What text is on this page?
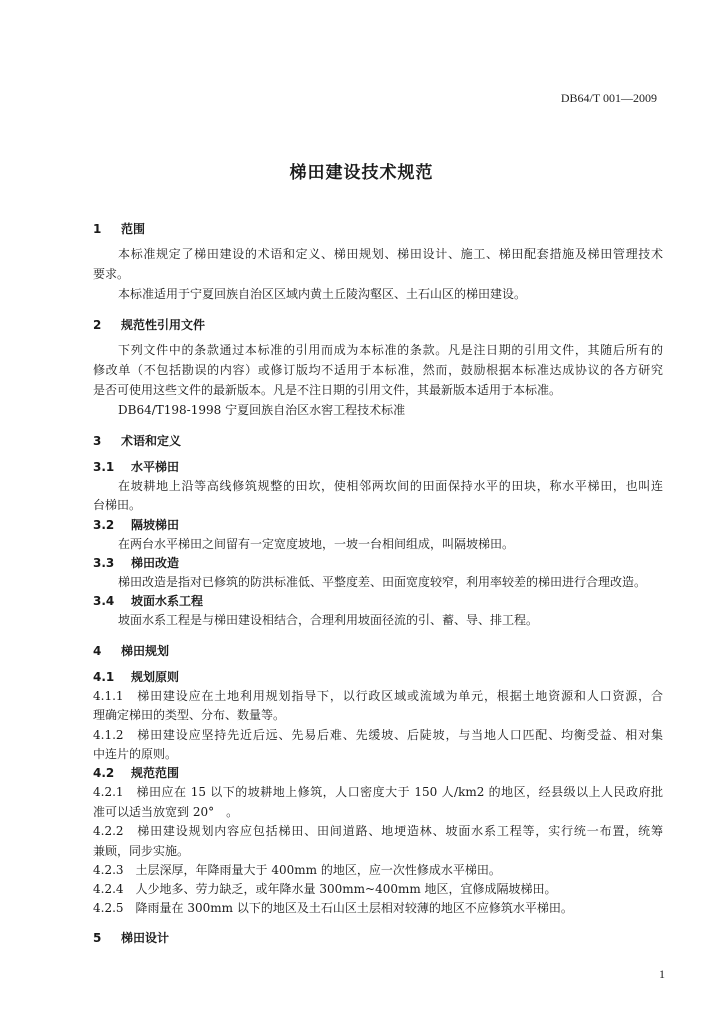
DB64/T 001—2009
梯田建设技术规范
1 范围
本标准规定了梯田建设的术语和定义、梯田规划、梯田设计、施工、梯田配套措施及梯田管理技术
要求。
本标准适用于宁夏回族自治区区域内黄土丘陵沟壑区、土石山区的梯田建设。
2 规范性引用文件
下列文件中的条款通过本标准的引用而成为本标准的条款。凡是注日期的引用文件，其随后所有的
修改单（不包括勘误的内容）或修订版均不适用于本标准，然而，鼓励根据本标准达成协议的各方研究
是否可使用这些文件的最新版本。凡是不注日期的引用文件，其最新版本适用于本标准。
DB64/T198-1998 宁夏回族自治区水窖工程技术标准
3 术语和定义
3.1 水平梯田
在坡耕地上沿等高线修筑规整的田坎，使相邻两坎间的田面保持水平的田块，称水平梯田，也叫连
台梯田。
3.2 隔坡梯田
在两台水平梯田之间留有一定宽度坡地，一坡一台相间组成，叫隔坡梯田。
3.3 梯田改造
梯田改造是指对已修筑的防洪标准低、平整度差、田面宽度较窄，利用率较差的梯田进行合理改造。
3.4 坡面水系工程
坡面水系工程是与梯田建设相结合，合理利用坡面径流的引、蓄、导、排工程。
4 梯田规划
4.1 规划原则
4.1.1　梯田建设应在土地利用规划指导下，以行政区域或流域为单元，根据土地资源和人口资源，合
理确定梯田的类型、分布、数量等。
4.1.2　梯田建设应坚持先近后远、先易后难、先缓坡、后陡坡，与当地人口匹配、均衡受益、相对集
中连片的原则。
4.2 规范范围
4.2.1　梯田应在 15 以下的坡耕地上修筑，人口密度大于 150 人/km2 的地区，经县级以上人民政府批
准可以适当放宽到 20°　。
4.2.2　梯田建设规划内容应包括梯田、田间道路、地埂造林、坡面水系工程等，实行统一布置，统筹
兼顾，同步实施。
4.2.3　土层深厚，年降雨量大于 400mm 的地区，应一次性修成水平梯田。
4.2.4　人少地多、劳力缺乏，或年降水量 300mm~400mm 地区，宜修成隔坡梯田。
4.2.5　降雨量在 300mm 以下的地区及土石山区土层相对较薄的地区不应修筑水平梯田。
5 梯田设计
1
